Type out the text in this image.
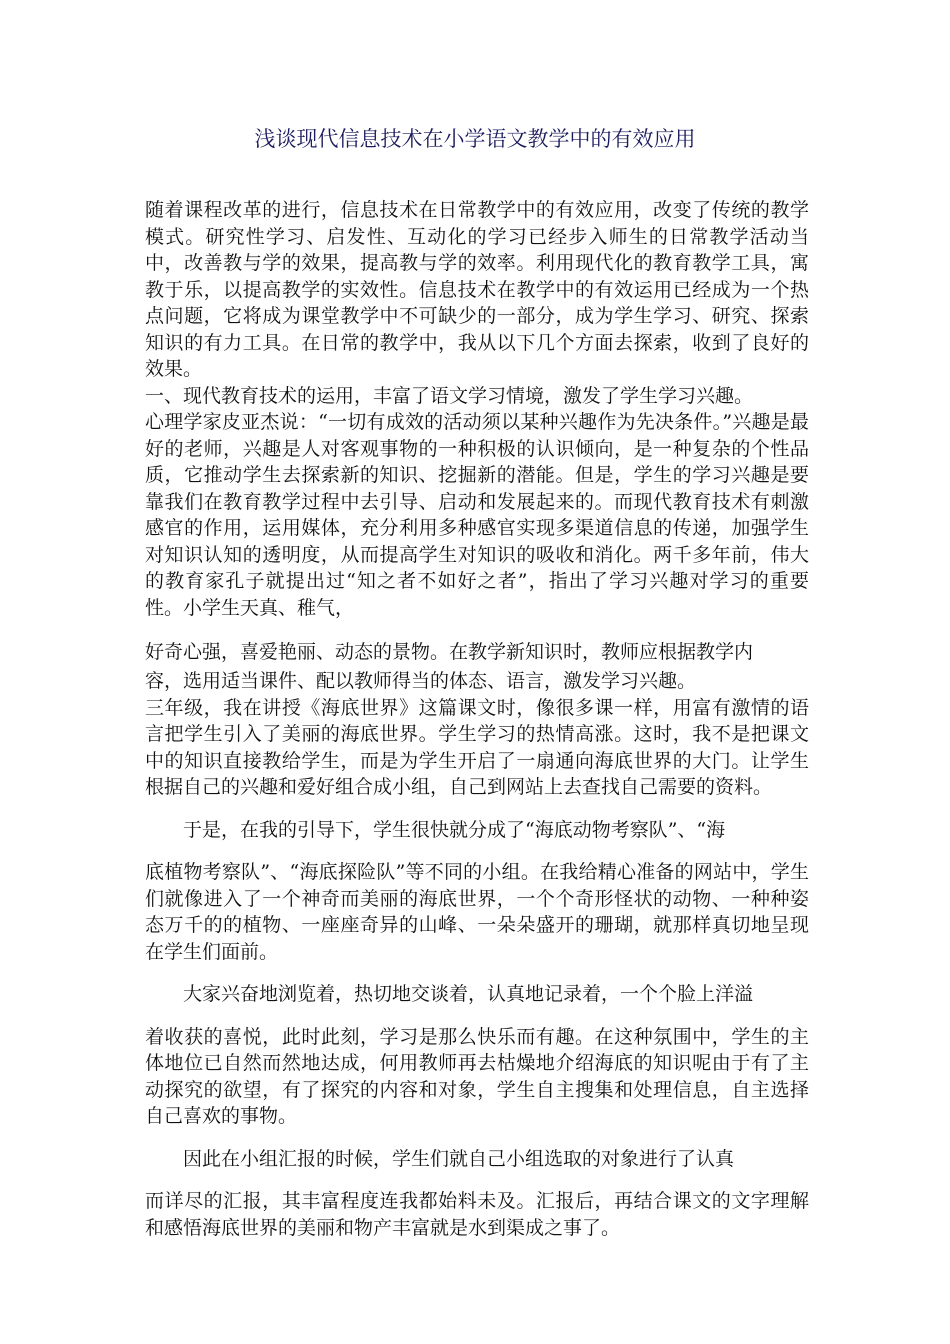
浅谈现代信息技术在小学语文教学中的有效应用

随着课程改革的进行，信息技术在日常教学中的有效应用，改变了传统的教学模式。研究性学习、启发性、互动化的学习已经步入师生的日常教学活动当中，改善教与学的效果，提高教与学的效率。利用现代化的教育教学工具，寓教于乐，以提高教学的实效性。信息技术在教学中的有效运用已经成为一个热点问题，它将成为课堂教学中不可缺少的一部分，成为学生学习、研究、探索知识的有力工具。在日常的教学中，我从以下几个方面去探索，收到了良好的效果。

一、现代教育技术的运用，丰富了语文学习情境，激发了学生学习兴趣。

心理学家皮亚杰说：“一切有成效的活动须以某种兴趣作为先决条件。”兴趣是最好的老师，兴趣是人对客观事物的一种积极的认识倾向，是一种复杂的个性品质，它推动学生去探索新的知识、挖掘新的潜能。但是，学生的学习兴趣是要靠我们在教育教学过程中去引导、启动和发展起来的。而现代教育技术有刺激感官的作用，运用媒体，充分利用多种感官实现多渠道信息的传递，加强学生对知识认知的透明度，从而提高学生对知识的吸收和消化。两千多年前，伟大的教育家孔子就提出过“知之者不如好之者”，指出了学习兴趣对学习的重要性。小学生天真、稚气，

好奇心强，喜爱艳丽、动态的景物。在教学新知识时，教师应根据教学内

容，选用适当课件、配以教师得当的体态、语言，激发学习兴趣。

三年级，我在讲授《海底世界》这篇课文时，像很多课一样，用富有激情的语言把学生引入了美丽的海底世界。学生学习的热情高涨。这时，我不是把课文中的知识直接教给学生，而是为学生开启了一扇通向海底世界的大门。让学生根据自己的兴趣和爱好组合成小组，自己到网站上去查找自己需要的资料。

于是，在我的引导下，学生很快就分成了“海底动物考察队”、“海

底植物考察队”、“海底探险队”等不同的小组。在我给精心准备的网站中，学生们就像进入了一个神奇而美丽的海底世界，一个个奇形怪状的动物、一种种姿态万千的的植物、一座座奇异的山峰、一朵朵盛开的珊瑚，就那样真切地呈现在学生们面前。

大家兴奋地浏览着，热切地交谈着，认真地记录着，一个个脸上洋溢

着收获的喜悦，此时此刻，学习是那么快乐而有趣。在这种氛围中，学生的主体地位已自然而然地达成，何用教师再去枯燥地介绍海底的知识呢由于有了主动探究的欲望，有了探究的内容和对象，学生自主搜集和处理信息，自主选择自己喜欢的事物。

因此在小组汇报的时候，学生们就自己小组选取的对象进行了认真

而详尽的汇报，其丰富程度连我都始料未及。汇报后，再结合课文的文字理解和感悟海底世界的美丽和物产丰富就是水到渠成之事了。
